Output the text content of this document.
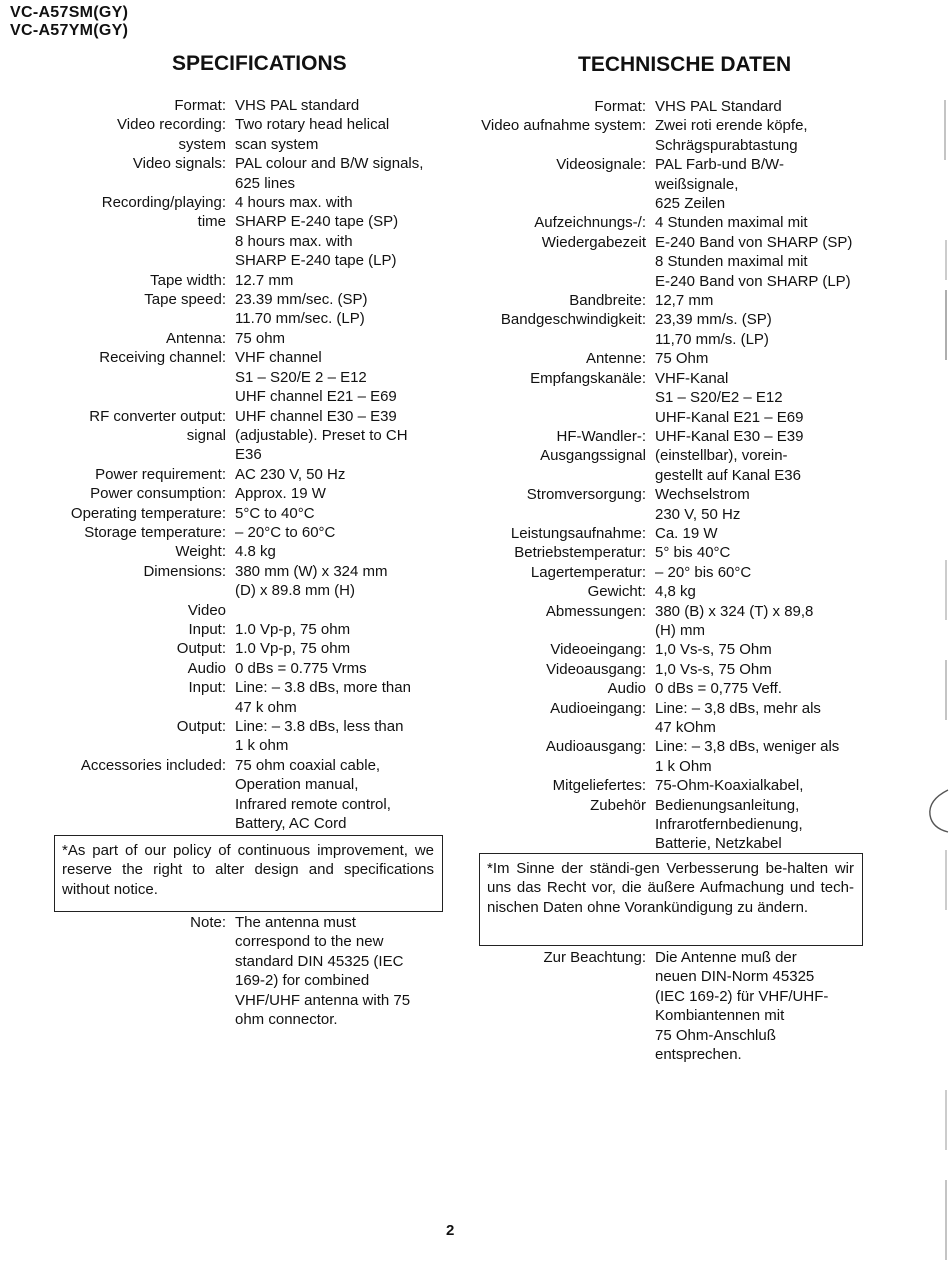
VC-A57SM(GY)
VC-A57YM(GY)
SPECIFICATIONS	TECHNISCHE DATEN
Format: VHS PAL standard
Video recording:
system
Two rotary head helical
scan system
Video signals: PAL colour and B/W signals,
625 lines
Recording/playing:
time
4 hours max. with
SHARP E-240 tape (SP)
8 hours max. with
SHARP E-240 tape (LP)
Tape width: 12.7 mm
Tape speed: 23.39 mm/sec. (SP)
11.70 mm/sec. (LP)
Antenna: 75 ohm
Receiving channel: VHF channel
S1 – S20/E 2 – E12
UHF channel E21 – E69
RF converter output:
signal
UHF channel E30 – E39
(adjustable). Preset to CH
E36
Power requirement: AC 230 V, 50 Hz
Power consumption: Approx. 19 W
Operating temperature: 5°C to 40°C
Storage temperature: – 20°C to 60°C
Weight: 4.8 kg
Dimensions: 380 mm (W) x 324 mm
(D) x 89.8 mm (H)
Video
Input: 1.0 Vp-p, 75 ohm
Output: 1.0 Vp-p, 75 ohm
Audio 0 dBs = 0.775 Vrms
Input: Line: – 3.8 dBs, more than
47 k ohm
Output: Line: – 3.8 dBs, less than
1 k ohm
Accessories included: 75 ohm coaxial cable,
Operation manual,
Infrared remote control,
Battery, AC Cord
*As part of our policy of continuous improvement, we reserve the right to alter design and specifications without notice.
Note: The antenna must
correspond to the new
standard DIN 45325 (IEC
169-2) for combined
VHF/UHF antenna with 75
ohm connector.
Format: VHS PAL Standard
Video aufnahme system: Zwei roti erende köpfe,
Schrägspurabtastung
Videosignale: PAL Farb-und B/W-
weißsignale,
625 Zeilen
Aufzeichnungs-/:
Wiedergabezeit
4 Stunden maximal mit
E-240 Band von SHARP (SP)
8 Stunden maximal mit
E-240 Band von SHARP (LP)
Bandbreite: 12,7 mm
Bandgeschwindigkeit: 23,39 mm/s. (SP)
11,70 mm/s. (LP)
Antenne: 75 Ohm
Empfangskanäle: VHF-Kanal
S1 – S20/E2 – E12
UHF-Kanal E21 – E69
HF-Wandler-:
Ausgangssignal
UHF-Kanal E30 – E39
(einstellbar), vorein-
gestellt auf Kanal E36
Stromversorgung: Wechselstrom
230 V, 50 Hz
Leistungsaufnahme: Ca. 19 W
Betriebstemperatur: 5° bis 40°C
Lagertemperatur: – 20° bis 60°C
Gewicht: 4,8 kg
Abmessungen: 380 (B) x 324 (T) x 89,8
(H) mm
Videoeingang: 1,0 Vs-s, 75 Ohm
Videoausgang: 1,0 Vs-s, 75 Ohm
Audio 0 dBs = 0,775 Veff.
Audioeingang: Line: – 3,8 dBs, mehr als
47 kOhm
Audioausgang: Line: – 3,8 dBs, weniger als
1 k Ohm
Mitgeliefertes:
Zubehör
75-Ohm-Koaxialkabel,
Bedienungsanleitung,
Infrarotfernbedienung,
Batterie, Netzkabel
*Im Sinne der ständi-gen Verbesserung be-halten wir uns das Recht vor, die äußere Aufmachung und tech-nischen Daten ohne Vorankündigung zu ändern.
Zur Beachtung: Die Antenne muß der
neuen DIN-Norm 45325
(IEC 169-2) für VHF/UHF-
Kombiantennen mit
75 Ohm-Anschluß
entsprechen.
2
